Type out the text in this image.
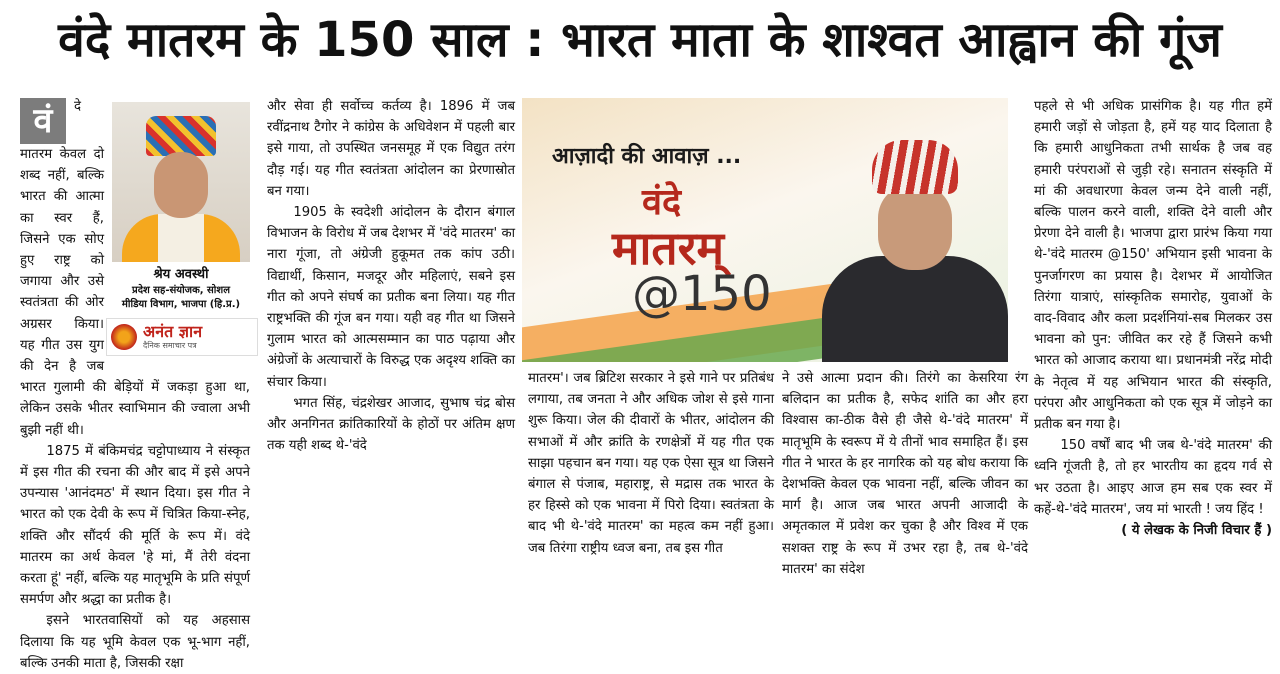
वंदे मातरम के 150 साल : भारत माता के शाश्वत आह्वान की गूंज
वं
श्रेय अवस्थी
प्रदेश सह-संयोजक, सोशल
मीडिया विभाग, भाजपा (हि.प्र.)
अनंत ज्ञान
दैनिक समाचार पत्र

दे मातरम केवल दो शब्द नहीं, बल्कि भारत की आत्मा का स्वर हैं, जिसने एक सोए हुए राष्ट्र को जगाया और उसे स्वतंत्रता की ओर अग्रसर किया। यह गीत उस युग की देन है जब भारत गुलामी की बेड़ियों में जकड़ा हुआ था, लेकिन उसके भीतर स्वाभिमान की ज्वाला अभी बुझी नहीं थी।

1875 में बंकिमचंद्र चट्टोपाध्याय ने संस्कृत में इस गीत की रचना की और बाद में इसे अपने उपन्यास 'आनंदमठ' में स्थान दिया। इस गीत ने भारत को एक देवी के रूप में चित्रित किया-स्नेह, शक्ति और सौंदर्य की मूर्ति के रूप में। वंदे मातरम का अर्थ केवल 'हे मां, मैं तेरी वंदना करता हूं' नहीं, बल्कि यह मातृभूमि के प्रति संपूर्ण समर्पण और श्रद्धा का प्रतीक है।

इसने भारतवासियों को यह अहसास दिलाया कि यह भूमि केवल एक भू-भाग नहीं, बल्कि उनकी माता है, जिसकी रक्षा

और सेवा ही सर्वोच्च कर्तव्य है। 1896 में जब रवींद्रनाथ टैगोर ने कांग्रेस के अधिवेशन में पहली बार इसे गाया, तो उपस्थित जनसमूह में एक विद्युत तरंग दौड़ गई। यह गीत स्वतंत्रता आंदोलन का प्रेरणास्रोत बन गया।

1905 के स्वदेशी आंदोलन के दौरान बंगाल विभाजन के विरोध में जब देशभर में 'वंदे मातरम' का नारा गूंजा, तो अंग्रेजी हुकूमत तक कांप उठी। विद्यार्थी, किसान, मजदूर और महिलाएं, सबने इस गीत को अपने संघर्ष का प्रतीक बना लिया। यह गीत राष्ट्रभक्ति की गूंज बन गया। यही वह गीत था जिसने गुलाम भारत को आत्मसम्मान का पाठ पढ़ाया और अंग्रेजों के अत्याचारों के विरुद्ध एक अदृश्य शक्ति का संचार किया।

भगत सिंह, चंद्रशेखर आजाद, सुभाष चंद्र बोस और अनगिनत क्रांतिकारियों के होठों पर अंतिम क्षण तक यही शब्द थे-'वंदे

आज़ादी की आवाज़ ...
वंदे
मातरम्
@150

मातरम'। जब ब्रिटिश सरकार ने इसे गाने पर प्रतिबंध लगाया, तब जनता ने और अधिक जोश से इसे गाना शुरू किया। जेल की दीवारों के भीतर, आंदोलन की सभाओं में और क्रांति के रणक्षेत्रों में यह गीत एक साझा पहचान बन गया। यह एक ऐसा सूत्र था जिसने बंगाल से पंजाब, महाराष्ट्र, से मद्रास तक भारत के हर हिस्से को एक भावना में पिरो दिया। स्वतंत्रता के बाद भी थे-'वंदे मातरम' का महत्व कम नहीं हुआ। जब तिरंगा राष्ट्रीय ध्वज बना, तब इस गीत

ने उसे आत्मा प्रदान की। तिरंगे का केसरिया रंग बलिदान का प्रतीक है, सफेद शांति का और हरा विश्वास का-ठीक वैसे ही जैसे थे-'वंदे मातरम' में मातृभूमि के स्वरूप में ये तीनों भाव समाहित हैं। इस गीत ने भारत के हर नागरिक को यह बोध कराया कि देशभक्ति केवल एक भावना नहीं, बल्कि जीवन का मार्ग है। आज जब भारत अपनी आजादी के अमृतकाल में प्रवेश कर चुका है और विश्व में एक सशक्त राष्ट्र के रूप में उभर रहा है, तब थे-'वंदे मातरम' का संदेश

पहले से भी अधिक प्रासंगिक है। यह गीत हमें हमारी जड़ों से जोड़ता है, हमें यह याद दिलाता है कि हमारी आधुनिकता तभी सार्थक है जब वह हमारी परंपराओं से जुड़ी रहे। सनातन संस्कृति में मां की अवधारणा केवल जन्म देने वाली नहीं, बल्कि पालन करने वाली, शक्ति देने वाली और प्रेरणा देने वाली है। भाजपा द्वारा प्रारंभ किया गया थे-'वंदे मातरम @150' अभियान इसी भावना के पुनर्जागरण का प्रयास है। देशभर में आयोजित तिरंगा यात्राएं, सांस्कृतिक समारोह, युवाओं के वाद-विवाद और कला प्रदर्शनियां-सब मिलकर उस भावना को पुन: जीवित कर रहे हैं जिसने कभी भारत को आजाद कराया था। प्रधानमंत्री नरेंद्र मोदी के नेतृत्व में यह अभियान भारत की संस्कृति, परंपरा और आधुनिकता को एक सूत्र में जोड़ने का प्रतीक बन गया है।

150 वर्षों बाद भी जब थे-'वंदे मातरम' की ध्वनि गूंजती है, तो हर भारतीय का हृदय गर्व से भर उठता है। आइए आज हम सब एक स्वर में कहें-थे-'वंदे मातरम', जय मां भारती ! जय हिंद !

( ये लेखक के निजी विचार हैं )
